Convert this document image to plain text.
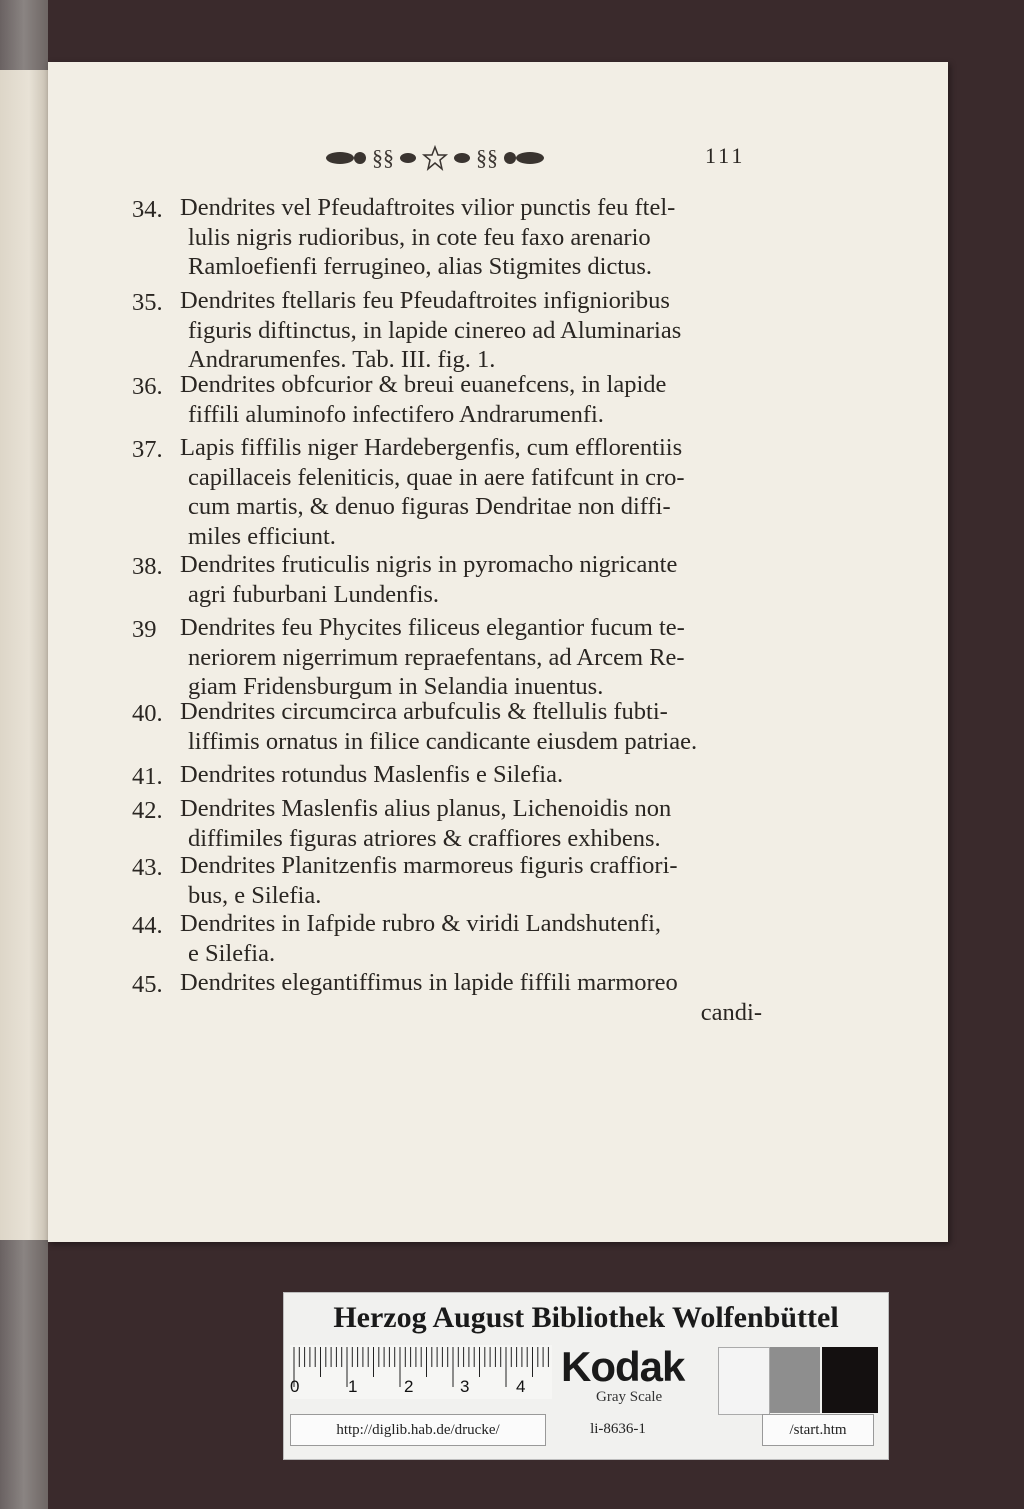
§§	§§	111
34. Dendrites vel Pfeudaftroites vilior punctis feu ftel-
lulis nigris rudioribus, in cote feu faxo arenario
Ramloefienfi ferrugineo, alias Stigmites dictus.
35. Dendrites ftellaris feu Pfeudaftroites infignioribus
figuris diftinctus, in lapide cinereo ad Aluminarias
Andrarumenfes. Tab. III. fig. 1.
36. Dendrites obfcurior & breui euanefcens, in lapide
fiffili aluminofo infectifero Andrarumenfi.
37. Lapis fiffilis niger Hardebergenfis, cum efflorentiis
capillaceis feleniticis, quae in aere fatifcunt in cro-
cum martis, & denuo figuras Dendritae non diffi-
miles efficiunt.
38. Dendrites fruticulis nigris in pyromacho nigricante
agri fuburbani Lundenfis.
39 Dendrites feu Phycites filiceus elegantior fucum te-
neriorem nigerrimum repraefentans, ad Arcem Re-
giam Fridensburgum in Selandia inuentus.
40. Dendrites circumcirca arbufculis & ftellulis fubti-
liffimis ornatus in filice candicante eiusdem patriae.
41. Dendrites rotundus Maslenfis e Silefia.
42. Dendrites Maslenfis alius planus, Lichenoidis non
diffimiles figuras atriores & craffiores exhibens.
43. Dendrites Planitzenfis marmoreus figuris craffiori-
bus, e Silefia.
44. Dendrites in Iafpide rubro & viridi Landshutenfi,
e Silefia.
45. Dendrites elegantiffimus in lapide fiffili marmoreo
candi-
Herzog August Bibliothek Wolfenbüttel
0	1	2	3	4 Kodak
Gray Scale
http://diglib.hab.de/drucke/	li-8636-1	/start.htm
